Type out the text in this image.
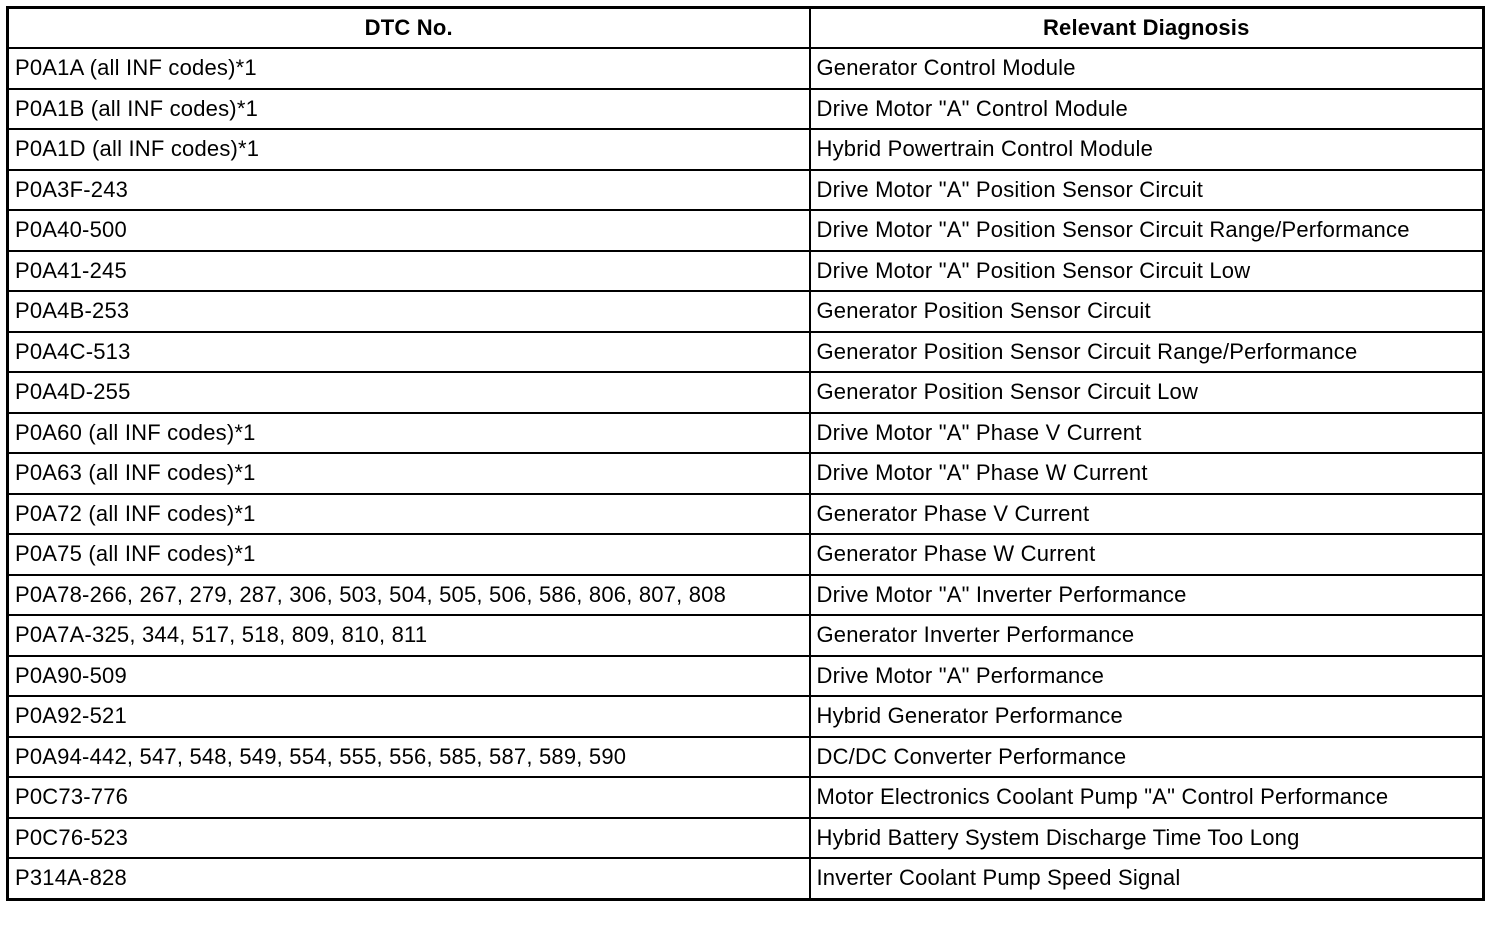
DTC No.	Relevant Diagnosis
P0A1A (all INF codes)*1	Generator Control Module
P0A1B (all INF codes)*1	Drive Motor "A" Control Module
P0A1D (all INF codes)*1	Hybrid Powertrain Control Module
P0A3F-243	Drive Motor "A" Position Sensor Circuit
P0A40-500	Drive Motor "A" Position Sensor Circuit Range/Performance
P0A41-245	Drive Motor "A" Position Sensor Circuit Low
P0A4B-253	Generator Position Sensor Circuit
P0A4C-513	Generator Position Sensor Circuit Range/Performance
P0A4D-255	Generator Position Sensor Circuit Low
P0A60 (all INF codes)*1	Drive Motor "A" Phase V Current
P0A63 (all INF codes)*1	Drive Motor "A" Phase W Current
P0A72 (all INF codes)*1	Generator Phase V Current
P0A75 (all INF codes)*1	Generator Phase W Current
P0A78-266, 267, 279, 287, 306, 503, 504, 505, 506, 586, 806, 807, 808	Drive Motor "A" Inverter Performance
P0A7A-325, 344, 517, 518, 809, 810, 811	Generator Inverter Performance
P0A90-509	Drive Motor "A" Performance
P0A92-521	Hybrid Generator Performance
P0A94-442, 547, 548, 549, 554, 555, 556, 585, 587, 589, 590	DC/DC Converter Performance
P0C73-776	Motor Electronics Coolant Pump "A" Control Performance
P0C76-523	Hybrid Battery System Discharge Time Too Long
P314A-828	Inverter Coolant Pump Speed Signal
